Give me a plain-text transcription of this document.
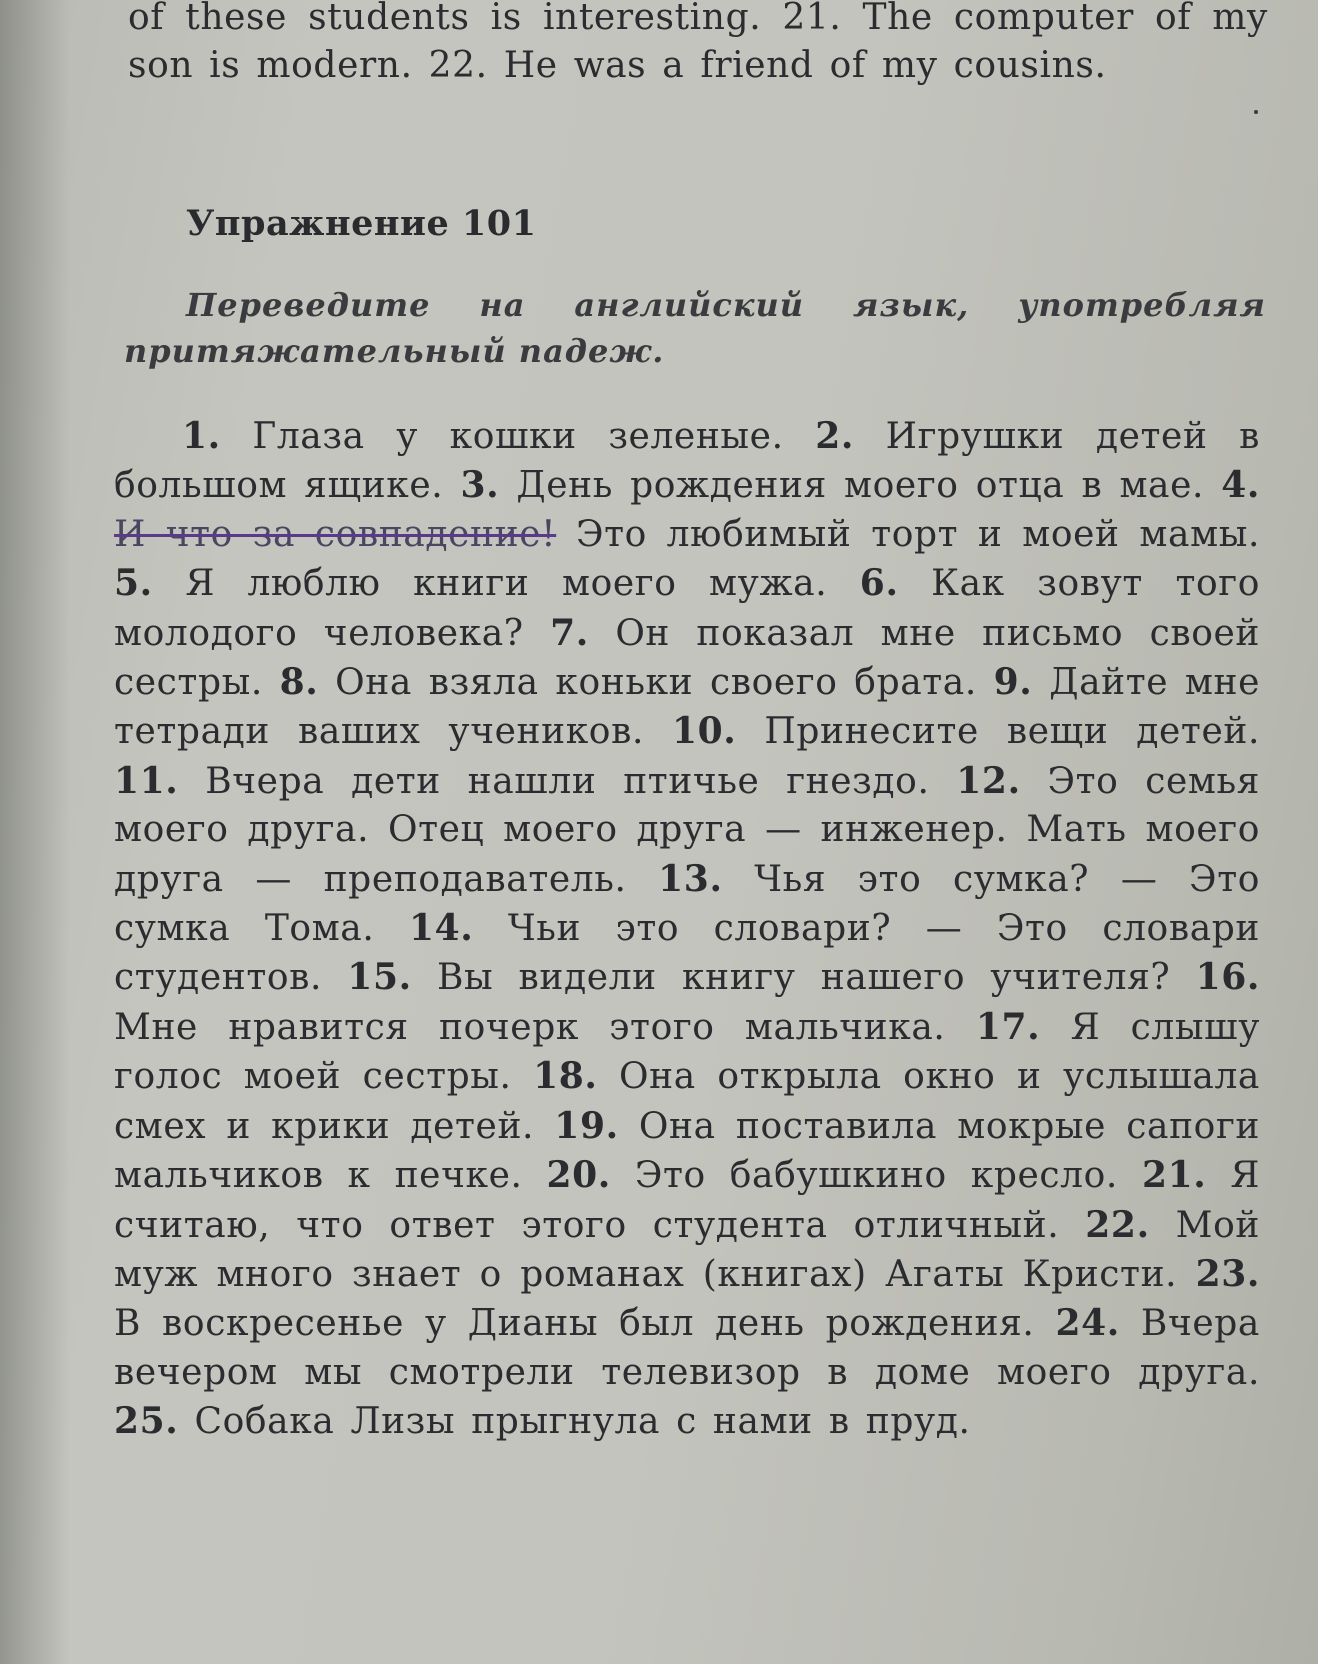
of these students is interesting. 21. The computer of my son is modern. 22. He was a friend of my cousins.

Упражнение 101

Переведите на английский язык, употребляя притяжательный падеж.

1. Глаза у кошки зеленые. 2. Игрушки детей в большом ящике. 3. День рождения моего отца в мае. 4. И что за совпадение! Это любимый торт и моей мамы. 5. Я люблю книги моего мужа. 6. Как зовут того молодого человека? 7. Он показал мне письмо своей сестры. 8. Она взяла коньки своего брата. 9. Дайте мне тетради ваших учеников. 10. Принесите вещи детей. 11. Вчера дети нашли птичье гнездо. 12. Это семья моего друга. Отец моего друга — инженер. Мать моего друга — преподаватель. 13. Чья это сумка? — Это сумка Тома. 14. Чьи это словари? — Это словари студентов. 15. Вы видели книгу нашего учителя? 16. Мне нравится почерк этого мальчика. 17. Я слышу голос моей сестры. 18. Она открыла окно и услышала смех и крики детей. 19. Она поставила мокрые сапоги мальчиков к печке. 20. Это бабушкино кресло. 21. Я считаю, что ответ этого студента отличный. 22. Мой муж много знает о романах (книгах) Агаты Кристи. 23. В воскресенье у Дианы был день рождения. 24. Вчера вечером мы смотрели телевизор в доме моего друга. 25. Собака Лизы прыгнула с нами в пруд.
